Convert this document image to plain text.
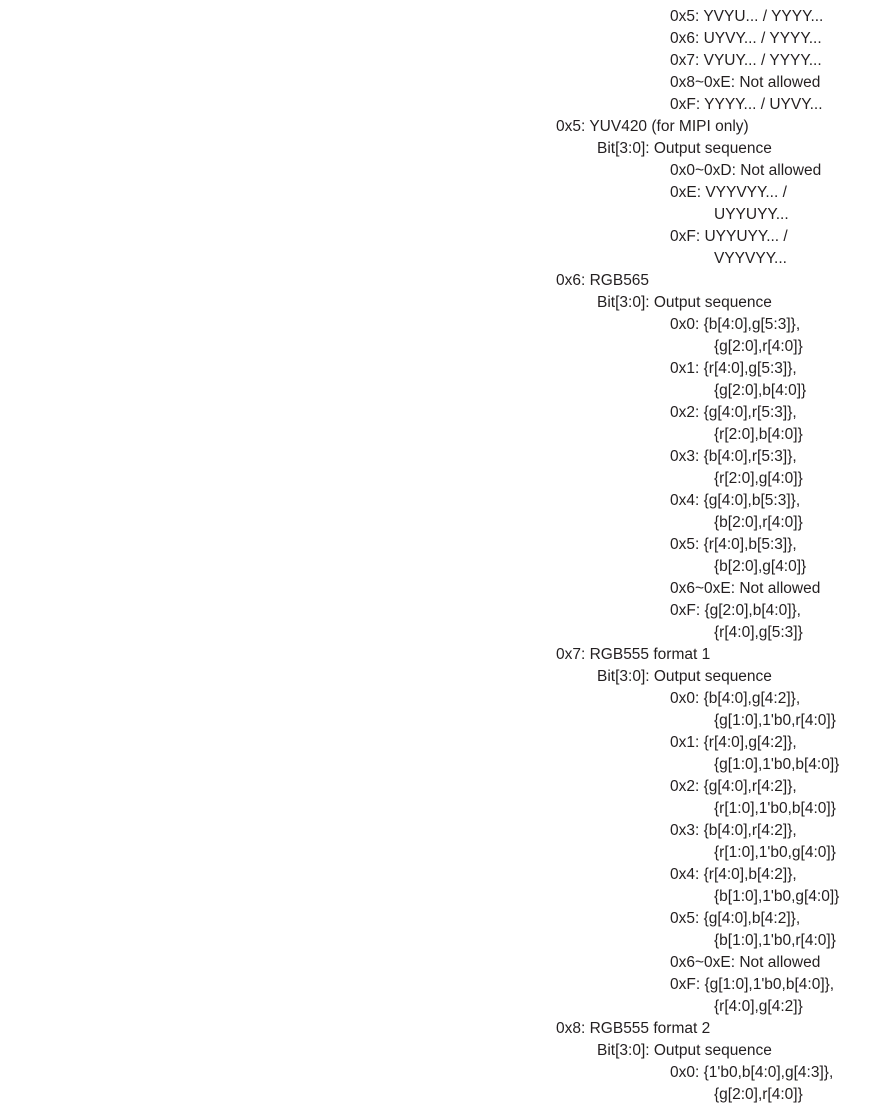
0x5: YVYU... / YYYY...
0x6: UYVY... / YYYY...
0x7: VYUY... / YYYY...
0x8~0xE: Not allowed
0xF: YYYY... / UYVY...
0x5: YUV420 (for MIPI only)
Bit[3:0]: Output sequence
0x0~0xD: Not allowed
0xE: VYYVYY... /
UYYUYY...
0xF: UYYUYY... /
VYYVYY...
0x6: RGB565
Bit[3:0]: Output sequence
0x0: {b[4:0],g[5:3]},
{g[2:0],r[4:0]}
0x1: {r[4:0],g[5:3]},
{g[2:0],b[4:0]}
0x2: {g[4:0],r[5:3]},
{r[2:0],b[4:0]}
0x3: {b[4:0],r[5:3]},
{r[2:0],g[4:0]}
0x4: {g[4:0],b[5:3]},
{b[2:0],r[4:0]}
0x5: {r[4:0],b[5:3]},
{b[2:0],g[4:0]}
0x6~0xE: Not allowed
0xF: {g[2:0],b[4:0]},
{r[4:0],g[5:3]}
0x7: RGB555 format 1
Bit[3:0]: Output sequence
0x0: {b[4:0],g[4:2]},
{g[1:0],1'b0,r[4:0]}
0x1: {r[4:0],g[4:2]},
{g[1:0],1'b0,b[4:0]}
0x2: {g[4:0],r[4:2]},
{r[1:0],1'b0,b[4:0]}
0x3: {b[4:0],r[4:2]},
{r[1:0],1'b0,g[4:0]}
0x4: {r[4:0],b[4:2]},
{b[1:0],1'b0,g[4:0]}
0x5: {g[4:0],b[4:2]},
{b[1:0],1'b0,r[4:0]}
0x6~0xE: Not allowed
0xF: {g[1:0],1'b0,b[4:0]},
{r[4:0],g[4:2]}
0x8: RGB555 format 2
Bit[3:0]: Output sequence
0x0: {1'b0,b[4:0],g[4:3]},
{g[2:0],r[4:0]}
